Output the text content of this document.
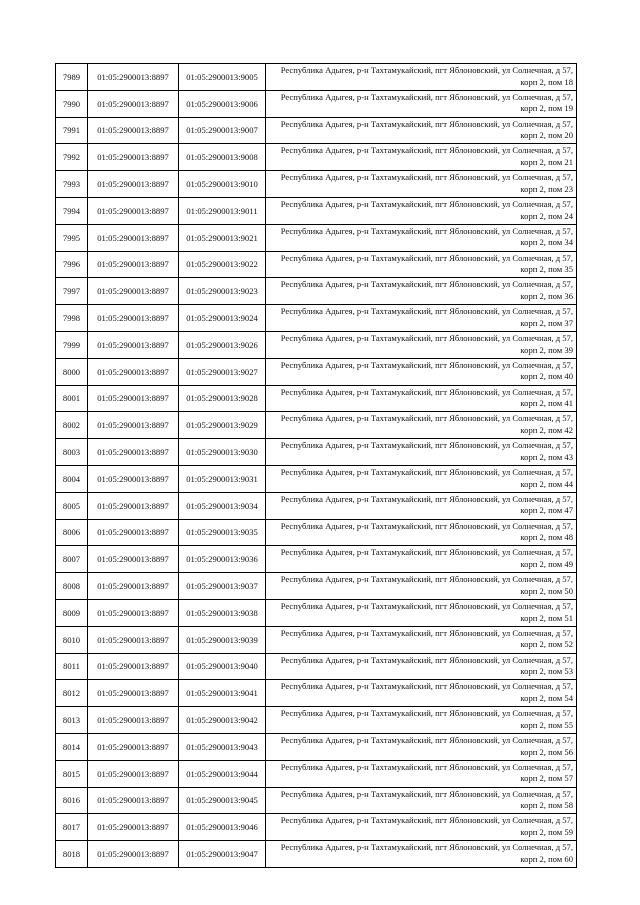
7989	01:05:2900013:8897	01:05:2900013:9005	Республика Адыгея, р-н Тахтамукайский, пгт Яблоновский, ул Солнечная, д 57, корп 2, пом 18
7990	01:05:2900013:8897	01:05:2900013:9006	Республика Адыгея, р-н Тахтамукайский, пгт Яблоновский, ул Солнечная, д 57, корп 2, пом 19
7991	01:05:2900013:8897	01:05:2900013:9007	Республика Адыгея, р-н Тахтамукайский, пгт Яблоновский, ул Солнечная, д 57, корп 2, пом 20
7992	01:05:2900013:8897	01:05:2900013:9008	Республика Адыгея, р-н Тахтамукайский, пгт Яблоновский, ул Солнечная, д 57, корп 2, пом 21
7993	01:05:2900013:8897	01:05:2900013:9010	Республика Адыгея, р-н Тахтамукайский, пгт Яблоновский, ул Солнечная, д 57, корп 2, пом 23
7994	01:05:2900013:8897	01:05:2900013:9011	Республика Адыгея, р-н Тахтамукайский, пгт Яблоновский, ул Солнечная, д 57, корп 2, пом 24
7995	01:05:2900013:8897	01:05:2900013:9021	Республика Адыгея, р-н Тахтамукайский, пгт Яблоновский, ул Солнечная, д 57, корп 2, пом 34
7996	01:05:2900013:8897	01:05:2900013:9022	Республика Адыгея, р-н Тахтамукайский, пгт Яблоновский, ул Солнечная, д 57, корп 2, пом 35
7997	01:05:2900013:8897	01:05:2900013:9023	Республика Адыгея, р-н Тахтамукайский, пгт Яблоновский, ул Солнечная, д 57, корп 2, пом 36
7998	01:05:2900013:8897	01:05:2900013:9024	Республика Адыгея, р-н Тахтамукайский, пгт Яблоновский, ул Солнечная, д 57, корп 2, пом 37
7999	01:05:2900013:8897	01:05:2900013:9026	Республика Адыгея, р-н Тахтамукайский, пгт Яблоновский, ул Солнечная, д 57, корп 2, пом 39
8000	01:05:2900013:8897	01:05:2900013:9027	Республика Адыгея, р-н Тахтамукайский, пгт Яблоновский, ул Солнечная, д 57, корп 2, пом 40
8001	01:05:2900013:8897	01:05:2900013:9028	Республика Адыгея, р-н Тахтамукайский, пгт Яблоновский, ул Солнечная, д 57, корп 2, пом 41
8002	01:05:2900013:8897	01:05:2900013:9029	Республика Адыгея, р-н Тахтамукайский, пгт Яблоновский, ул Солнечная, д 57, корп 2, пом 42
8003	01:05:2900013:8897	01:05:2900013:9030	Республика Адыгея, р-н Тахтамукайский, пгт Яблоновский, ул Солнечная, д 57, корп 2, пом 43
8004	01:05:2900013:8897	01:05:2900013:9031	Республика Адыгея, р-н Тахтамукайский, пгт Яблоновский, ул Солнечная, д 57, корп 2, пом 44
8005	01:05:2900013:8897	01:05:2900013:9034	Республика Адыгея, р-н Тахтамукайский, пгт Яблоновский, ул Солнечная, д 57, корп 2, пом 47
8006	01:05:2900013:8897	01:05:2900013:9035	Республика Адыгея, р-н Тахтамукайский, пгт Яблоновский, ул Солнечная, д 57, корп 2, пом 48
8007	01:05:2900013:8897	01:05:2900013:9036	Республика Адыгея, р-н Тахтамукайский, пгт Яблоновский, ул Солнечная, д 57, корп 2, пом 49
8008	01:05:2900013:8897	01:05:2900013:9037	Республика Адыгея, р-н Тахтамукайский, пгт Яблоновский, ул Солнечная, д 57, корп 2, пом 50
8009	01:05:2900013:8897	01:05:2900013:9038	Республика Адыгея, р-н Тахтамукайский, пгт Яблоновский, ул Солнечная, д 57, корп 2, пом 51
8010	01:05:2900013:8897	01:05:2900013:9039	Республика Адыгея, р-н Тахтамукайский, пгт Яблоновский, ул Солнечная, д 57, корп 2, пом 52
8011	01:05:2900013:8897	01:05:2900013:9040	Республика Адыгея, р-н Тахтамукайский, пгт Яблоновский, ул Солнечная, д 57, корп 2, пом 53
8012	01:05:2900013:8897	01:05:2900013:9041	Республика Адыгея, р-н Тахтамукайский, пгт Яблоновский, ул Солнечная, д 57, корп 2, пом 54
8013	01:05:2900013:8897	01:05:2900013:9042	Республика Адыгея, р-н Тахтамукайский, пгт Яблоновский, ул Солнечная, д 57, корп 2, пом 55
8014	01:05:2900013:8897	01:05:2900013:9043	Республика Адыгея, р-н Тахтамукайский, пгт Яблоновский, ул Солнечная, д 57, корп 2, пом 56
8015	01:05:2900013:8897	01:05:2900013:9044	Республика Адыгея, р-н Тахтамукайский, пгт Яблоновский, ул Солнечная, д 57, корп 2, пом 57
8016	01:05:2900013:8897	01:05:2900013:9045	Республика Адыгея, р-н Тахтамукайский, пгт Яблоновский, ул Солнечная, д 57, корп 2, пом 58
8017	01:05:2900013:8897	01:05:2900013:9046	Республика Адыгея, р-н Тахтамукайский, пгт Яблоновский, ул Солнечная, д 57, корп 2, пом 59
8018	01:05:2900013:8897	01:05:2900013:9047	Республика Адыгея, р-н Тахтамукайский, пгт Яблоновский, ул Солнечная, д 57, корп 2, пом 60
